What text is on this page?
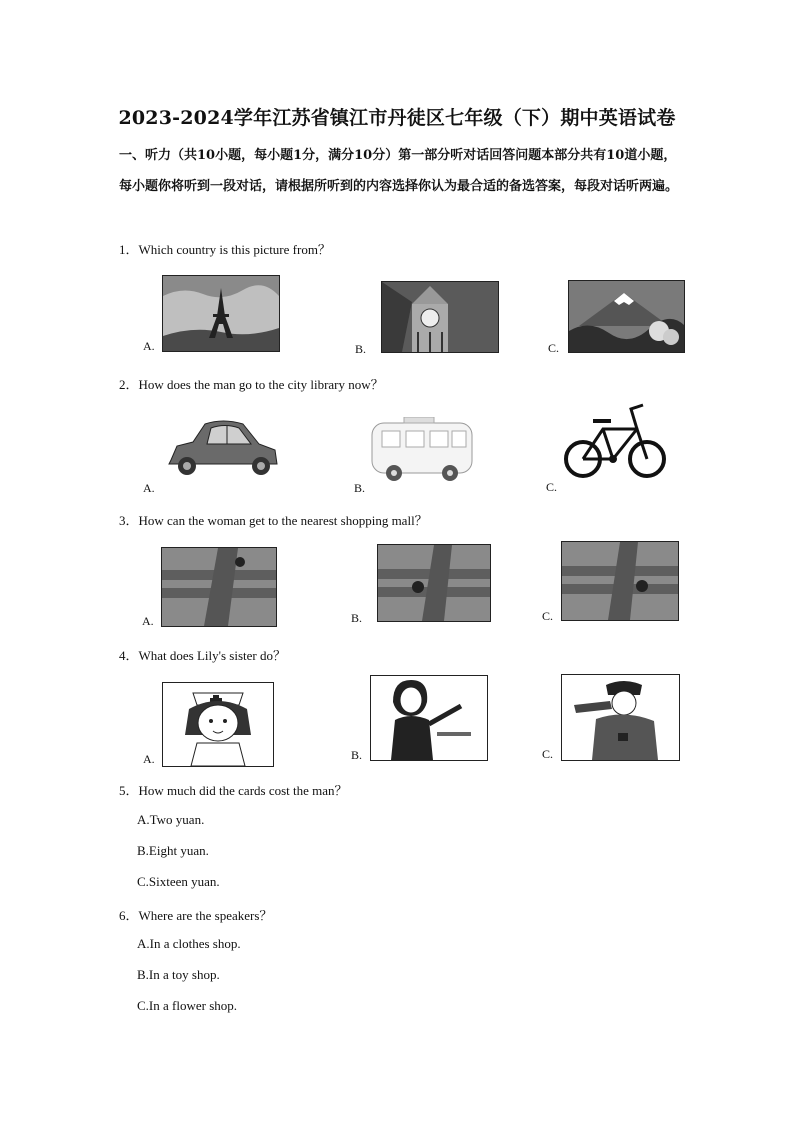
2023-2024学年江苏省镇江市丹徒区七年级（下）期中英语试卷
一、听力（共10小题，每小题1分，满分10分）第一部分听对话回答问题本部分共有10道小题，每小题你将听到一段对话，请根据所听到的内容选择你认为最合适的备选答案，每段对话听两遍。
1．Which country is this picture from？
A.	B.	C.
2．How does the man go to the city library now？
A.	B.	C.
3．How can the woman get to the nearest shopping mall？
A.	B.	C.
4．What does Lily's sister do？
A.	B.	C.
5．How much did the cards cost the man？
A.Two yuan.
B.Eight yuan.
C.Sixteen yuan.
6．Where are the speakers？
A.In a clothes shop.
B.In a toy shop.
C.In a flower shop.
